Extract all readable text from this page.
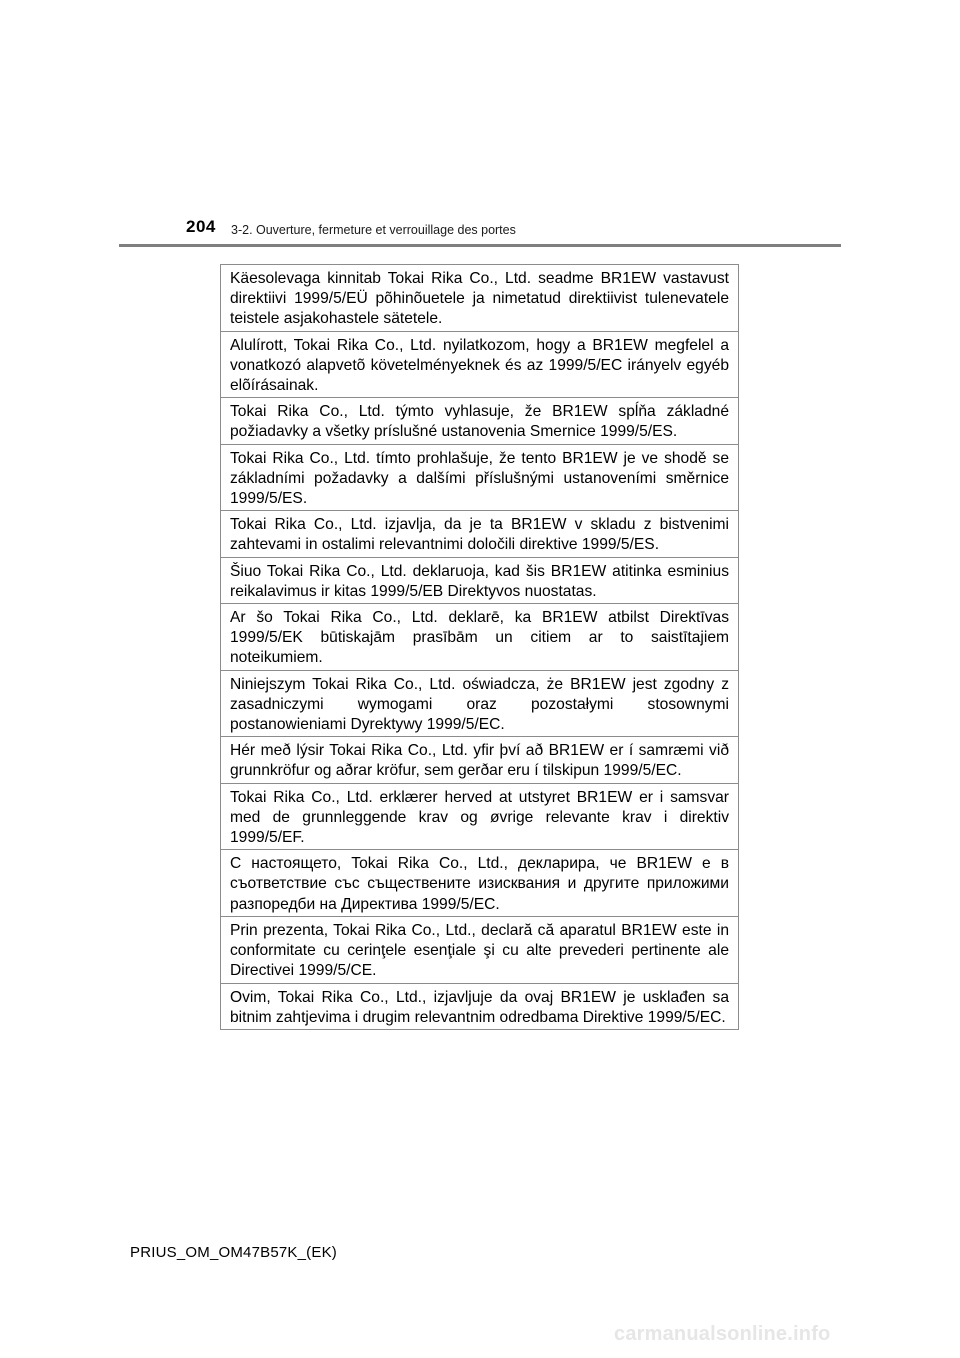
204 3-2. Ouverture, fermeture et verrouillage des portes
Käesolevaga kinnitab Tokai Rika Co., Ltd. seadme BR1EW vastavust direktiivi 1999/5/EÜ põhinõuetele ja nimetatud direktiivist tulenevatele teistele asjakohastele sätetele.
Alulírott, Tokai Rika Co., Ltd. nyilatkozom, hogy a BR1EW megfelel a vonatkozó alapvetõ követelményeknek és az 1999/5/EC irányelv egyéb elõírásainak.
Tokai Rika Co., Ltd. týmto vyhlasuje, že BR1EW spĺňa základné požiadavky a všetky príslušné ustanovenia Smernice 1999/5/ES.
Tokai Rika Co., Ltd. tímto prohlašuje, že tento BR1EW je ve shodě se základními požadavky a dalšími příslušnými ustanoveními směrnice 1999/5/ES.
Tokai Rika Co., Ltd. izjavlja, da je ta BR1EW v skladu z bistvenimi zahtevami in ostalimi relevantnimi določili direktive 1999/5/ES.
Šiuo Tokai Rika Co., Ltd. deklaruoja, kad šis BR1EW atitinka esminius reikalavimus ir kitas 1999/5/EB Direktyvos nuostatas.
Ar šo Tokai Rika Co., Ltd. deklarē, ka BR1EW atbilst Direktīvas 1999/5/EK būtiskajām prasībām un citiem ar to saistītajiem noteikumiem.
Niniejszym Tokai Rika Co., Ltd. oświadcza, że BR1EW jest zgodny z zasadniczymi wymogami oraz pozostałymi stosownymi postanowieniami Dyrektywy 1999/5/EC.
Hér með lýsir Tokai Rika Co., Ltd. yfir því að BR1EW er í samræmi við grunnkröfur og aðrar kröfur, sem gerðar eru í tilskipun 1999/5/EC.
Tokai Rika Co., Ltd. erklærer herved at utstyret BR1EW er i samsvar med de grunnleggende krav og øvrige relevante krav i direktiv 1999/5/EF.
С настоящето, Tokai Rika Co., Ltd., декларира, че BR1EW е в съответствие със съществените изисквания и другите приложими разпоредби на Директива 1999/5/ЕС.
Prin prezenta, Tokai Rika Co., Ltd., declară că aparatul BR1EW este in conformitate cu cerinţele esenţiale şi cu alte prevederi pertinente ale Directivei 1999/5/CE.
Ovim, Tokai Rika Co., Ltd., izjavljuje da ovaj BR1EW je usklađen sa bitnim zahtjevima i drugim relevantnim odredbama Direktive 1999/5/EC.
PRIUS_OM_OM47B57K_(EK)
carmanualsonline.info
